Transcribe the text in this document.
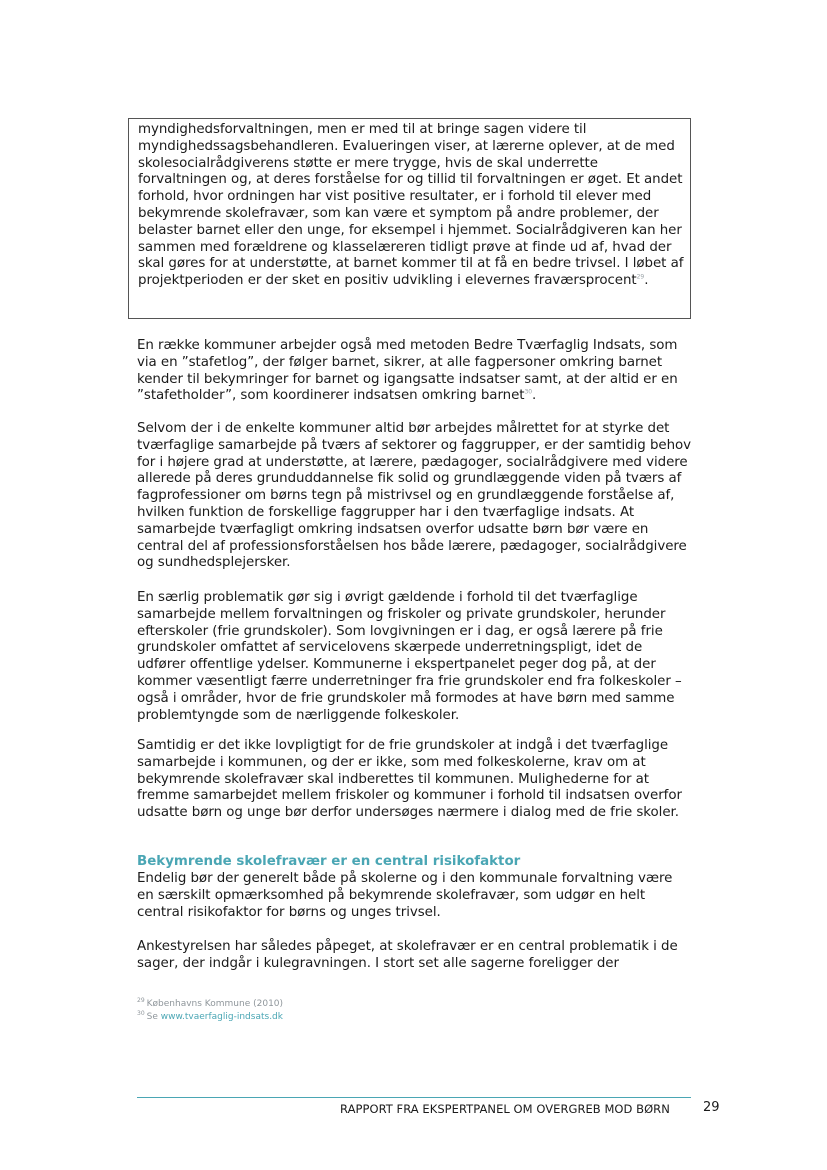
myndighedsforvaltningen, men er med til at bringe sagen videre til myndighedssagsbehandleren. Evalueringen viser, at lærerne oplever, at de med skolesocialrådgiverens støtte er mere trygge, hvis de skal underrette forvaltningen og, at deres forståelse for og tillid til forvaltningen er øget. Et andet forhold, hvor ordningen har vist positive resultater, er i forhold til elever med bekymrende skolefravær, som kan være et symptom på andre problemer, der belaster barnet eller den unge, for eksempel i hjemmet. Socialrådgiveren kan her sammen med forældrene og klasselæreren tidligt prøve at finde ud af, hvad der skal gøres for at understøtte, at barnet kommer til at få en bedre trivsel. I løbet af projektperioden er der sket en positiv udvikling i elevernes fraværsprocent$^{29}$.
En række kommuner arbejder også med metoden Bedre Tværfaglig Indsats, som via en ”stafetlog”, der følger barnet, sikrer, at alle fagpersoner omkring barnet kender til bekymringer for barnet og igangsatte indsatser samt, at der altid er en ”stafetholder”, som koordinerer indsatsen omkring barnet$^{30}$.
Selvom der i de enkelte kommuner altid bør arbejdes målrettet for at styrke det tværfaglige samarbejde på tværs af sektorer og faggrupper, er der samtidig behov for i højere grad at understøtte, at lærere, pædagoger, socialrådgivere med videre allerede på deres grunduddannelse fik solid og grundlæggende viden på tværs af fagprofessioner om børns tegn på mistrivsel og en grundlæggende forståelse af, hvilken funktion de forskellige faggrupper har i den tværfaglige indsats. At samarbejde tværfagligt omkring indsatsen overfor udsatte børn bør være en central del af professionsforståelsen hos både lærere, pædagoger, socialrådgivere og sundhedsplejersker.
En særlig problematik gør sig i øvrigt gældende i forhold til det tværfaglige samarbejde mellem forvaltningen og friskoler og private grundskoler, herunder efterskoler (frie grundskoler). Som lovgivningen er i dag, er også lærere på frie grundskoler omfattet af servicelovens skærpede underretningspligt, idet de udfører offentlige ydelser. Kommunerne i ekspertpanelet peger dog på, at der kommer væsentligt færre underretninger fra frie grundskoler end fra folkeskoler – også i områder, hvor de frie grundskoler må formodes at have børn med samme problemtyngde som de nærliggende folkeskoler.
Samtidig er det ikke lovpligtigt for de frie grundskoler at indgå i det tværfaglige samarbejde i kommunen, og der er ikke, som med folkeskolerne, krav om at bekymrende skolefravær skal indberettes til kommunen. Mulighederne for at fremme samarbejdet mellem friskoler og kommuner i forhold til indsatsen overfor udsatte børn og unge bør derfor undersøges nærmere i dialog med de frie skoler.
Bekymrende skolefravær er en central risikofaktor
Endelig bør der generelt både på skolerne og i den kommunale forvaltning være en særskilt opmærksomhed på bekymrende skolefravær, som udgør en helt central risikofaktor for børns og unges trivsel.
Ankestyrelsen har således påpeget, at skolefravær er en central problematik i de sager, der indgår i kulegravningen. I stort set alle sagerne foreligger der
$^{29}$ Københavns Kommune (2010)
$^{30}$ Se www.tvaerfaglig-indsats.dk
RAPPORT FRA EKSPERTPANEL OM OVERGREB MOD BØRN	29
